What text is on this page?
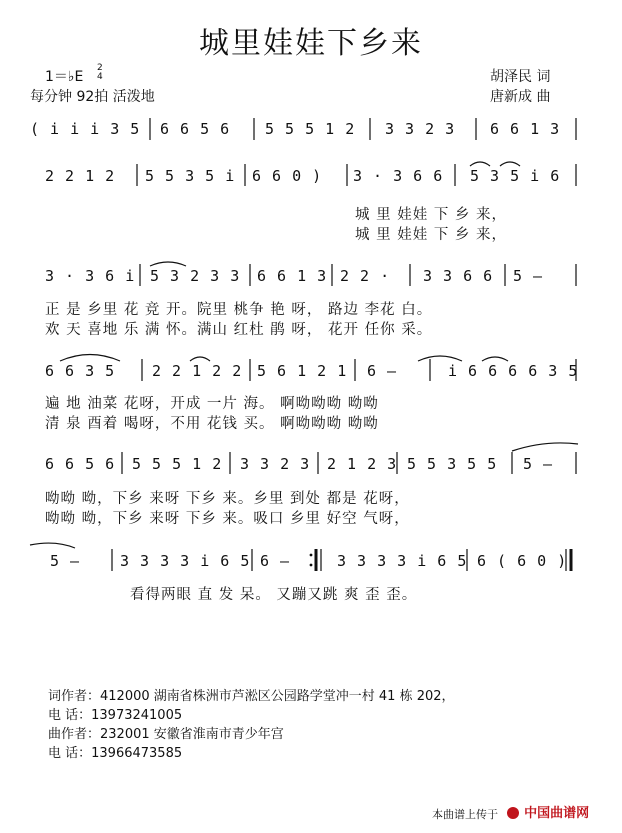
城里娃娃下乡来
1＝♭E
2
4
每分钟 92拍 活泼地
胡泽民 词
唐新成 曲
( i i i 3 5 6 6 5 6 5 5 5 1 2 3 3 2 3 6 6 1 3
2 2 1 2 5 5 3 5 i 6 6 0 ) 3 · 3 6 6 5 3 5 i 6
城 里 娃娃 下 乡 来，
城 里 娃娃 下 乡 来，
3 · 3 6 i 5 3 2 3 3 6 6 1 3 2 2 · 3 3 6 6 5 –
正 是 乡里 花 竞 开。院里 桃争 艳 呀， 路边 李花 白。
欢 天 喜地 乐 满 怀。满山 红杜 鹃 呀， 花开 任你 采。
6 6 3 5 2 2 1 2 2 5 6 1 2 1 6 –	i 6 6 6 6 3 5
遍 地 油菜 花呀，开成 一片 海。 啊呦呦呦 呦呦
清 泉 酉着 喝呀，不用 花钱 买。 啊呦呦呦 呦呦
6 6 5 6 5 5 5 1 2 3 3 2 3 2 1 2 3 5 5 3 5 5 5 –
呦呦 呦，下乡 来呀 下乡 来。乡里 到处 都是 花呀，
呦呦 呦，下乡 来呀 下乡 来。吸口 乡里 好空 气呀，
5 –	3 3 3 3 i 6 5 6 –	3 3 3 3 i 6 5 6 ( 6 0 )
看得两眼 直 发 呆。 又蹦又跳 爽 歪 歪。
词作者：412000 湖南省株洲市芦淞区公园路学堂冲一村 41 栋 202，
电 话：13973241005
曲作者：232001 安徽省淮南市青少年宫
电 话：13966473585
本曲谱上传于	中国曲谱网
